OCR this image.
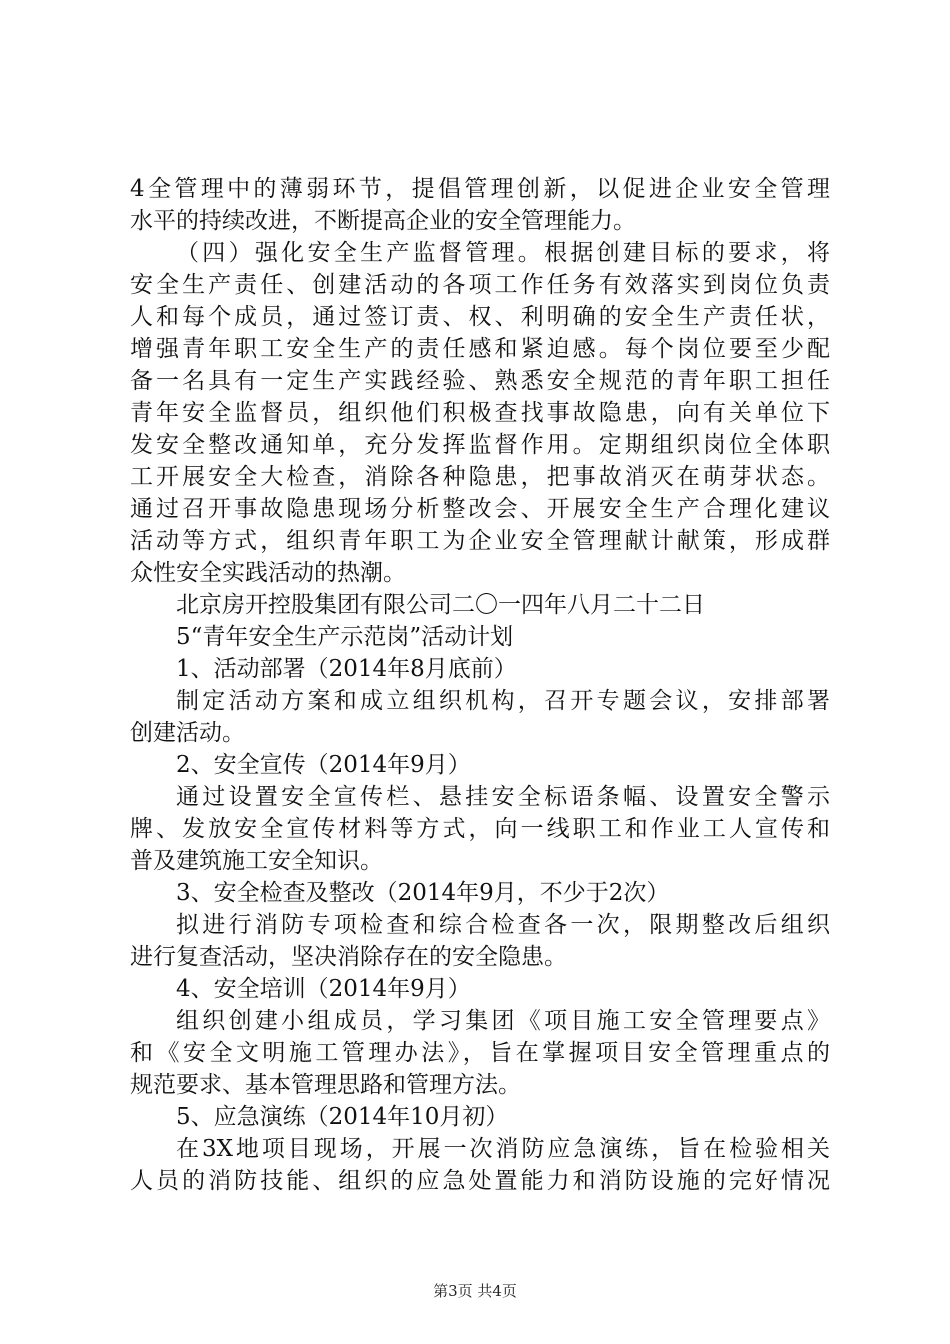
4全管理中的薄弱环节，提倡管理创新，以促进企业安全管理
水平的持续改进，不断提高企业的安全管理能力。
（四）强化安全生产监督管理。根据创建目标的要求，将
安全生产责任、创建活动的各项工作任务有效落实到岗位负责
人和每个成员，通过签订责、权、利明确的安全生产责任状，
增强青年职工安全生产的责任感和紧迫感。每个岗位要至少配
备一名具有一定生产实践经验、熟悉安全规范的青年职工担任
青年安全监督员，组织他们积极查找事故隐患，向有关单位下
发安全整改通知单，充分发挥监督作用。定期组织岗位全体职
工开展安全大检查，消除各种隐患，把事故消灭在萌芽状态。
通过召开事故隐患现场分析整改会、开展安全生产合理化建议
活动等方式，组织青年职工为企业安全管理献计献策，形成群
众性安全实践活动的热潮。
北京房开控股集团有限公司二〇一四年八月二十二日
5“青年安全生产示范岗”活动计划
1、活动部署（2014年8月底前）
制定活动方案和成立组织机构，召开专题会议，安排部署
创建活动。
2、安全宣传（2014年9月）
通过设置安全宣传栏、悬挂安全标语条幅、设置安全警示
牌、发放安全宣传材料等方式，向一线职工和作业工人宣传和
普及建筑施工安全知识。
3、安全检查及整改（2014年9月，不少于2次）
拟进行消防专项检查和综合检查各一次，限期整改后组织
进行复查活动，坚决消除存在的安全隐患。
4、安全培训（2014年9月）
组织创建小组成员，学习集团《项目施工安全管理要点》
和《安全文明施工管理办法》，旨在掌握项目安全管理重点的
规范要求、基本管理思路和管理方法。
5、应急演练（2014年10月初）
在3X地项目现场，开展一次消防应急演练，旨在检验相关
人员的消防技能、组织的应急处置能力和消防设施的完好情况
第3页 共4页
